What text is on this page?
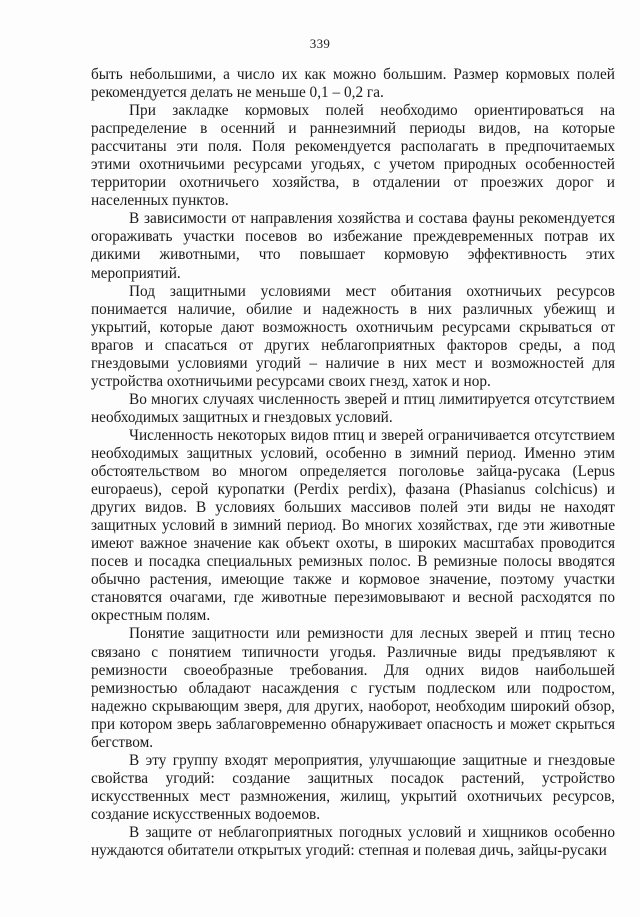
339

быть небольшими, а число их как можно большим. Размер кормовых полей рекомендуется делать не меньше 0,1 – 0,2 га.

При закладке кормовых полей необходимо ориентироваться на распределение в осенний и раннезимний периоды видов, на которые рассчитаны эти поля. Поля рекомендуется располагать в предпочитаемых этими охотничьими ресурсами угодьях, с учетом природных особенностей территории охотничьего хозяйства, в отдалении от проезжих дорог и населенных пунктов.

В зависимости от направления хозяйства и состава фауны рекомендуется огораживать участки посевов во избежание преждевременных потрав их дикими животными, что повышает кормовую эффективность этих мероприятий.

Под защитными условиями мест обитания охотничьих ресурсов понимается наличие, обилие и надежность в них различных убежищ и укрытий, которые дают возможность охотничьим ресурсами скрываться от врагов и спасаться от других неблагоприятных факторов среды, а под гнездовыми условиями угодий – наличие в них мест и возможностей для устройства охотничьими ресурсами своих гнезд, хаток и нор.

Во многих случаях численность зверей и птиц лимитируется отсутствием необходимых защитных и гнездовых условий.

Численность некоторых видов птиц и зверей ограничивается отсутствием необходимых защитных условий, особенно в зимний период. Именно этим обстоятельством во многом определяется поголовье зайца-русака (Lepus europaeus), серой куропатки (Perdix perdix), фазана (Phasianus colchicus) и других видов. В условиях больших массивов полей эти виды не находят защитных условий в зимний период. Во многих хозяйствах, где эти животные имеют важное значение как объект охоты, в широких масштабах проводится посев и посадка специальных ремизных полос. В ремизные полосы вводятся обычно растения, имеющие также и кормовое значение, поэтому участки становятся очагами, где животные перезимовывают и весной расходятся по окрестным полям.

Понятие защитности или ремизности для лесных зверей и птиц тесно связано с понятием типичности угодья. Различные виды предъявляют к ремизности своеобразные требования. Для одних видов наибольшей ремизностью обладают насаждения с густым подлеском или подростом, надежно скрывающим зверя, для других, наоборот, необходим широкий обзор, при котором зверь заблаговременно обнаруживает опасность и может скрыться бегством.

В эту группу входят мероприятия, улучшающие защитные и гнездовые свойства угодий: создание защитных посадок растений, устройство искусственных мест размножения, жилищ, укрытий охотничьих ресурсов, создание искусственных водоемов.

В защите от неблагоприятных погодных условий и хищников особенно нуждаются обитатели открытых угодий: степная и полевая дичь, зайцы-русаки
